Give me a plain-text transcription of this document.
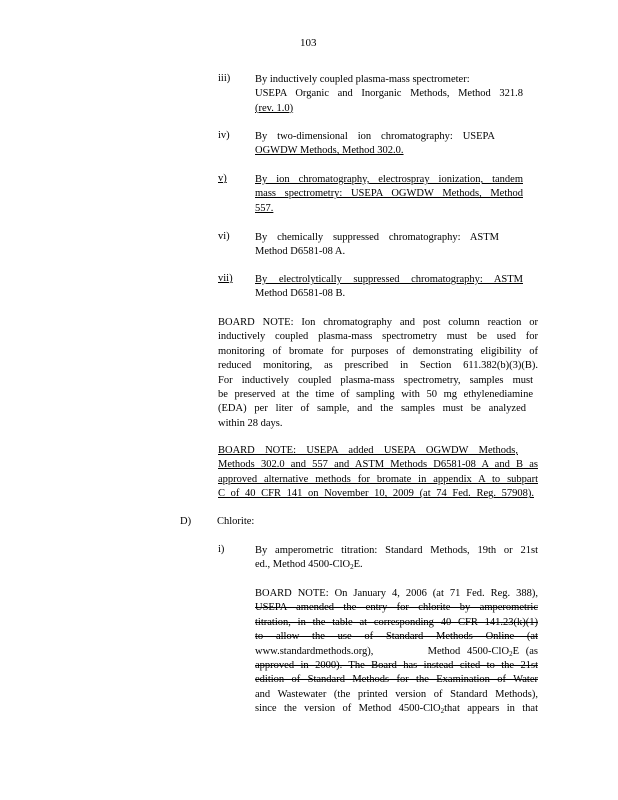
103
iii) By inductively coupled plasma-mass spectrometer:

USEPA Organic and Inorganic Methods, Method 321.8

(rev. 1.0)

iv) By two-dimensional ion chromatography: USEPA

OGWDW Methods, Method 302.0.

v)	By ion chromatography, electrospray ionization, tandem

mass spectrometry: USEPA OGWDW Methods, Method

557.

vi) By chemically suppressed chromatography: ASTM

Method D6581-08 A.

vii) By electrolytically suppressed chromatography: ASTM

Method D6581-08 B.

BOARD NOTE: Ion chromatography and post column reaction or

inductively coupled plasma-mass spectrometry must be used for

monitoring of bromate for purposes of demonstrating eligibility of

reduced monitoring, as prescribed in Section 611.382(b)(3)(B).

For inductively coupled plasma-mass spectrometry, samples must

be preserved at the time of sampling with 50 mg ethylenediamine

(EDA) per liter of sample, and the samples must be analyzed

within 28 days.

BOARD NOTE: USEPA added USEPA OGWDW Methods,

Methods 302.0 and 557 and ASTM Methods D6581-08 A and B as

approved alternative methods for bromate in appendix A to subpart

C of 40 CFR 141 on November 10, 2009 (at 74 Fed. Reg. 57908).

D) Chlorite:
i)	By amperometric titration: Standard Methods, 19th or 21st

ed., Method 4500-ClO2E.

BOARD NOTE: On January 4, 2006 (at 71 Fed. Reg. 388),

USEPA amended the entry for chlorite by amperometric

titration, in the table at corresponding 40 CFR 141.23(k)(1)

to allow the use of Standard Methods Online (at

www.standardmethods.org),	Method 4500-ClO2E (as

approved in 2000). The Board has instead cited to the 21st

edition of Standard Methods for the Examination of Water

and Wastewater (the printed version of Standard Methods),

since the version of Method 4500-ClO2that appears in that
